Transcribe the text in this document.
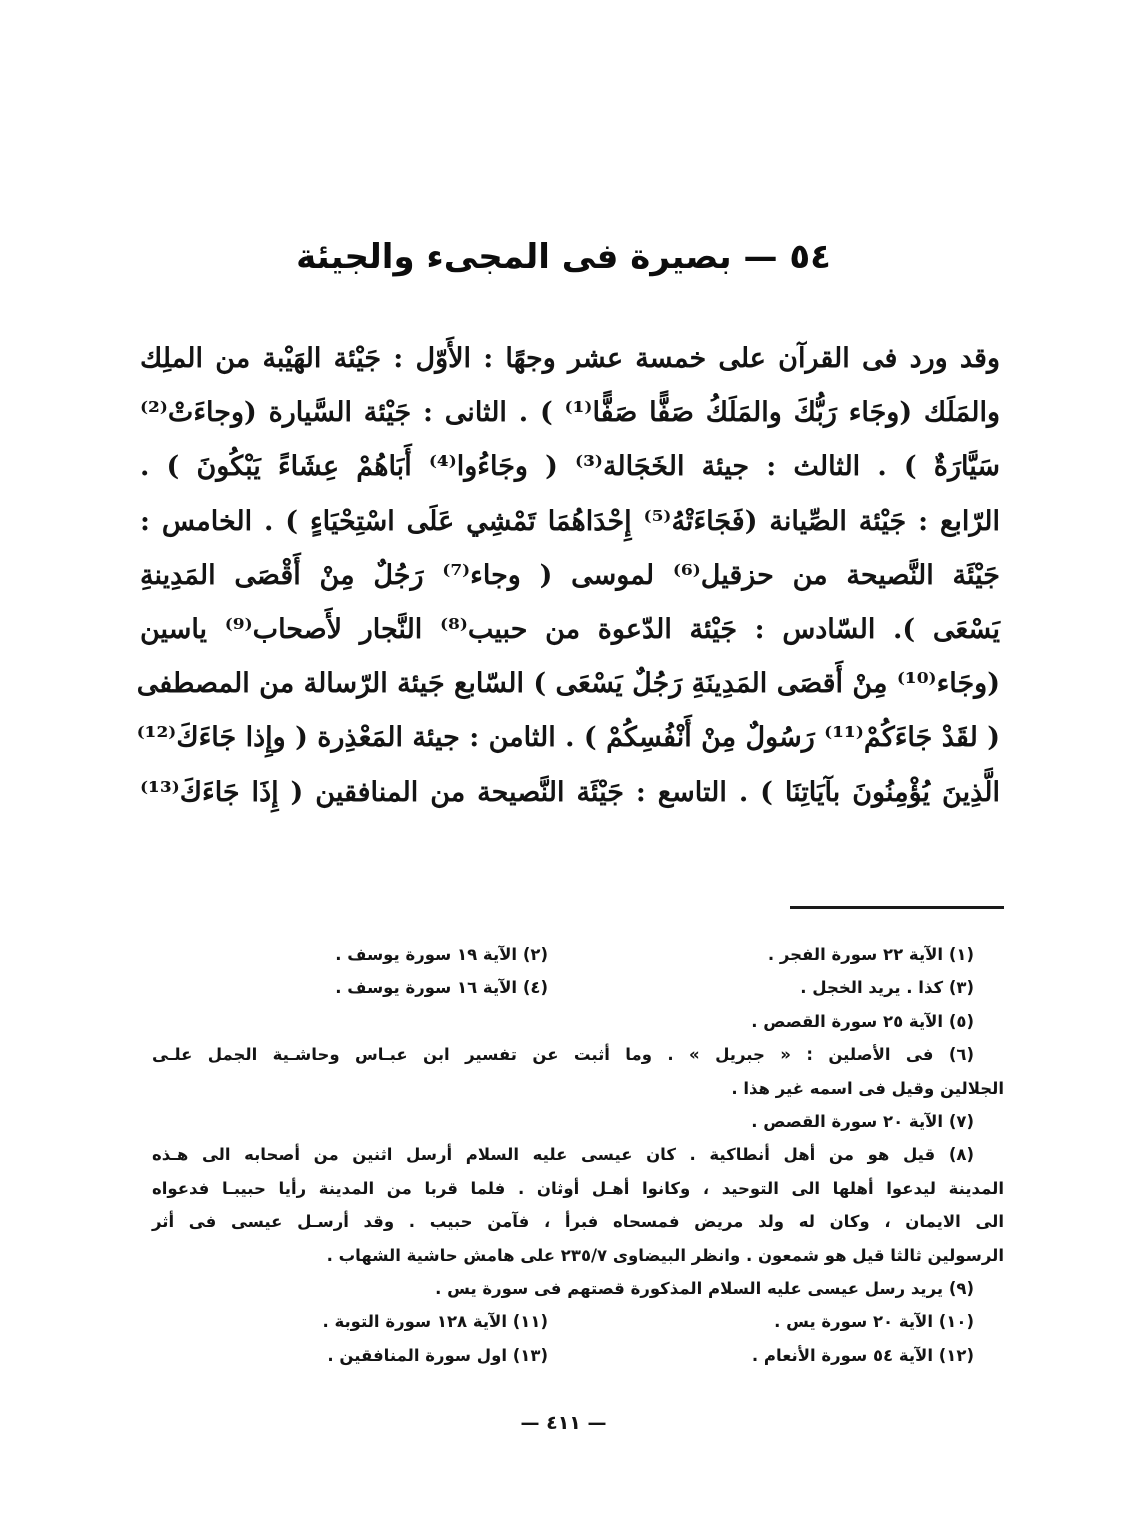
٥٤ — بصيرة فى المجىء والجيئة
وقد ورد فى القرآن على خمسة عشر وجهًا : الأَوّل : جَيْئة الهَيْبة من الملِك
والمَلَك (وجَاء رَبُّكَ والمَلَكُ صَفًّا صَفًّا⁽¹⁾ ) . الثانى : جَيْئة السَّيارة (وجاءَتْ⁽²⁾
سَيَّارَةٌ ) . الثالث : جيئة الخَجَالة⁽³⁾ ( وجَاءُوا⁽⁴⁾ أَبَاهُمْ عِشَاءً يَبْكُونَ ) .
الرّابع : جَيْئة الصِّيانة (فَجَاءَتْهُ⁽⁵⁾ إِحْدَاهُمَا تَمْشِي عَلَى اسْتِحْيَاءٍ ) . الخامس :
جَيْئَة النَّصيحة من حزقيل⁽⁶⁾ لموسى ( وجاء⁽⁷⁾ رَجُلٌ مِنْ أَقْصَى المَدِينةِ
يَسْعَى ). السّادس : جَيْئة الدّعوة من حبيب⁽⁸⁾ النَّجار لأَصحاب⁽⁹⁾ ياسين
(وجَاء⁽¹⁰⁾ مِنْ أَقصَى المَدِينَةِ رَجُلٌ يَسْعَى ) السّابع جَيئة الرّسالة من المصطفى
( لقَدْ جَاءَكُمْ⁽¹¹⁾ رَسُولٌ مِنْ أَنْفُسِكُمْ ) . الثامن : جيئة المَعْذِرة ( وإِذا جَاءَكَ⁽¹²⁾
الَّذِينَ يُؤْمِنُونَ بآيَاتِنَا ) . التاسع : جَيْئَة النَّصيحة من المنافقين ( إِذَا جَاءَكَ⁽¹³⁾
(١) الآية ٢٢ سورة الفجر .
(٢) الآية ١٩ سورة يوسف .
(٣) كذا . يريد الخجل .
(٤) الآية ١٦ سورة يوسف .
(٥) الآية ٢٥ سورة القصص .
(٦) فى الأصلين : « جبريل » . وما أثبت عن تفسير ابن عبـاس وحاشـية الجمل علـى
الجلالين وقيل فى اسمه غير هذا .
(٧) الآية ٢٠ سورة القصص .
(٨) قيل هو من أهل أنطاكية . كان عيسى عليه السلام أرسل اثنين من أصحابه الى هـذه
المدينة ليدعوا أهلها الى التوحيد ، وكانوا أهـل أوثان . فلما قربا من المدينة رأيا حبيبـا فدعواه
الى الايمان ، وكان له ولد مريض فمسحاه فبرأ ، فآمن حبيب . وقد أرسـل عيسى فى أثر
الرسولين ثالثا قيل هو شمعون . وانظر البيضاوى ٢٣٥/٧ على هامش حاشية الشهاب .
(٩) يريد رسل عيسى عليه السلام المذكورة قصتهم فى سورة يس .
(١٠) الآية ٢٠ سورة يس .
(١١) الآية ١٢٨ سورة التوبة .
(١٢) الآية ٥٤ سورة الأنعام .
(١٣) اول سورة المنافقين .
— ٤١١ —
